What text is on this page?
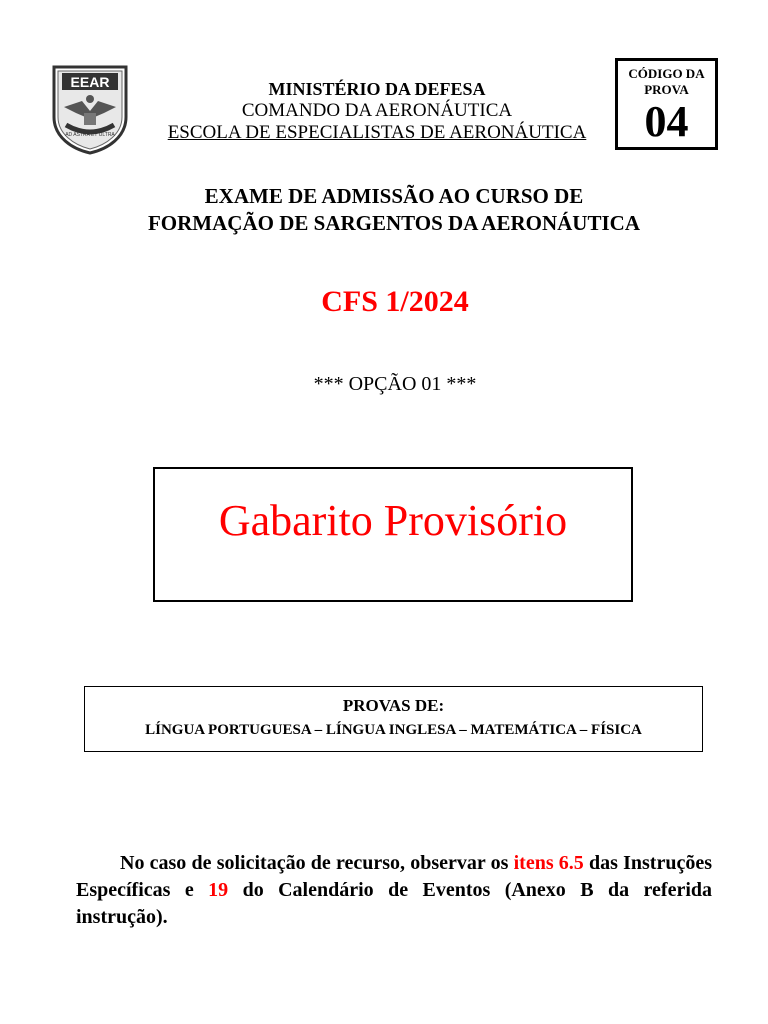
EEAR
AD ASTRA ET ULTRA
MINISTÉRIO DA DEFESA
COMANDO DA AERONÁUTICA
ESCOLA DE ESPECIALISTAS DE AERONÁUTICA
CÓDIGO DA
PROVA
04
EXAME DE ADMISSÃO AO CURSO DE
FORMAÇÃO DE SARGENTOS DA AERONÁUTICA
CFS 1/2024
*** OPÇÃO 01 ***
Gabarito Provisório
PROVAS DE:
LÍNGUA PORTUGUESA – LÍNGUA INGLESA – MATEMÁTICA – FÍSICA
No caso de solicitação de recurso, observar os itens 6.5 das Instruções Específicas e 19 do Calendário de Eventos (Anexo B da referida instrução).
